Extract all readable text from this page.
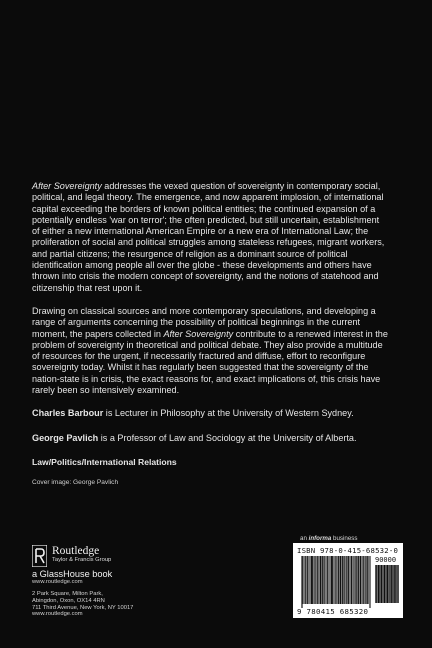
After Sovereignty addresses the vexed question of sovereignty in contemporary social, political, and legal theory. The emergence, and now apparent implosion, of international capital exceeding the borders of known political entities; the continued expansion of a potentially endless 'war on terror'; the often predicted, but still uncertain, establishment of either a new international American Empire or a new era of International Law; the proliferation of social and political struggles among stateless refugees, migrant workers, and partial citizens; the resurgence of religion as a dominant source of political identification among people all over the globe - these developments and others have thrown into crisis the modern concept of sovereignty, and the notions of statehood and citizenship that rest upon it.

Drawing on classical sources and more contemporary speculations, and developing a range of arguments concerning the possibility of political beginnings in the current moment, the papers collected in After Sovereignty contribute to a renewed interest in the problem of sovereignty in theoretical and political debate. They also provide a multitude of resources for the urgent, if necessarily fractured and diffuse, effort to reconfigure sovereignty today. Whilst it has regularly been suggested that the sovereignty of the nation-state is in crisis, the exact reasons for, and exact implications of, this crisis have rarely been so intensively examined.

Charles Barbour is Lecturer in Philosophy at the University of Western Sydney.

George Pavlich is a Professor of Law and Sociology at the University of Alberta.

Law/Politics/International Relations

Cover image: George Pavlich
Routledge
Taylor & Francis Group
a GlassHouse book
www.routledge.com
2 Park Square, Milton Park,
Abingdon, Oxon, OX14 4RN
711 Third Avenue, New York, NY 10017
www.routledge.com
an informa business
ISBN 978-0-415-68532-0
90000
9 780415 685320
